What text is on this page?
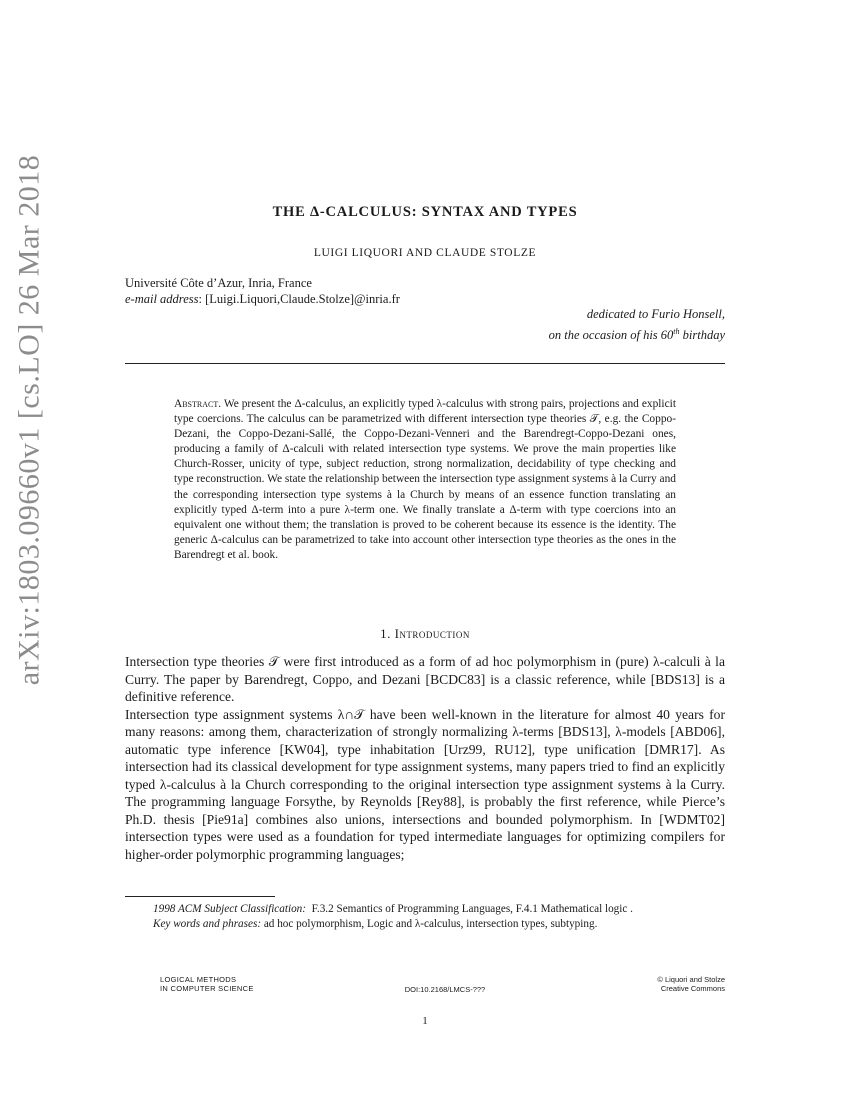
arXiv:1803.09660v1 [cs.LO] 26 Mar 2018	THE Δ-CALCULUS: SYNTAX AND TYPES
LUIGI LIQUORI AND CLAUDE STOLZE
Université Côte d’Azur, Inria, France
e-mail address: [Luigi.Liquori,Claude.Stolze]@inria.fr
dedicated to Furio Honsell,
on the occasion of his 60th birthday
Abstract. We present the Δ-calculus, an explicitly typed λ-calculus with strong pairs, projections and explicit type coercions. The calculus can be parametrized with different intersection type theories 𝒯, e.g. the Coppo-Dezani, the Coppo-Dezani-Sallé, the Coppo-Dezani-Venneri and the Barendregt-Coppo-Dezani ones, producing a family of Δ-calculi with related intersection type systems. We prove the main properties like Church-Rosser, unicity of type, subject reduction, strong normalization, decidability of type checking and type reconstruction. We state the relationship between the intersection type assignment systems à la Curry and the corresponding intersection type systems à la Church by means of an essence function translating an explicitly typed Δ-term into a pure λ-term one. We finally translate a Δ-term with type coercions into an equivalent one without them; the translation is proved to be coherent because its essence is the identity. The generic Δ-calculus can be parametrized to take into account other intersection type theories as the ones in the Barendregt et al. book.
1. Introduction

Intersection type theories 𝒯 were first introduced as a form of ad hoc polymorphism in (pure) λ-calculi à la Curry. The paper by Barendregt, Coppo, and Dezani [BCDC83] is a classic reference, while [BDS13] is a definitive reference.

Intersection type assignment systems λ∩𝒯 have been well-known in the literature for almost 40 years for many reasons: among them, characterization of strongly normalizing λ-terms [BDS13], λ-models [ABD06], automatic type inference [KW04], type inhabitation [Urz99, RU12], type unification [DMR17]. As intersection had its classical development for type assignment systems, many papers tried to find an explicitly typed λ-calculus à la Church corresponding to the original intersection type assignment systems à la Curry. The programming language Forsythe, by Reynolds [Rey88], is probably the first reference, while Pierce’s Ph.D. thesis [Pie91a] combines also unions, intersections and bounded polymorphism. In [WDMT02] intersection types were used as a foundation for typed intermediate languages for optimizing compilers for higher-order polymorphic programming languages;

1998 ACM Subject Classification: F.3.2 Semantics of Programming Languages, F.4.1 Mathematical logic .

Key words and phrases: ad hoc polymorphism, Logic and λ-calculus, intersection types, subtyping.

LOGICAL METHODS
IN COMPUTER SCIENCE	DOI:10.2168/LMCS-???
© Liquori and Stolze
Creative Commons
1
